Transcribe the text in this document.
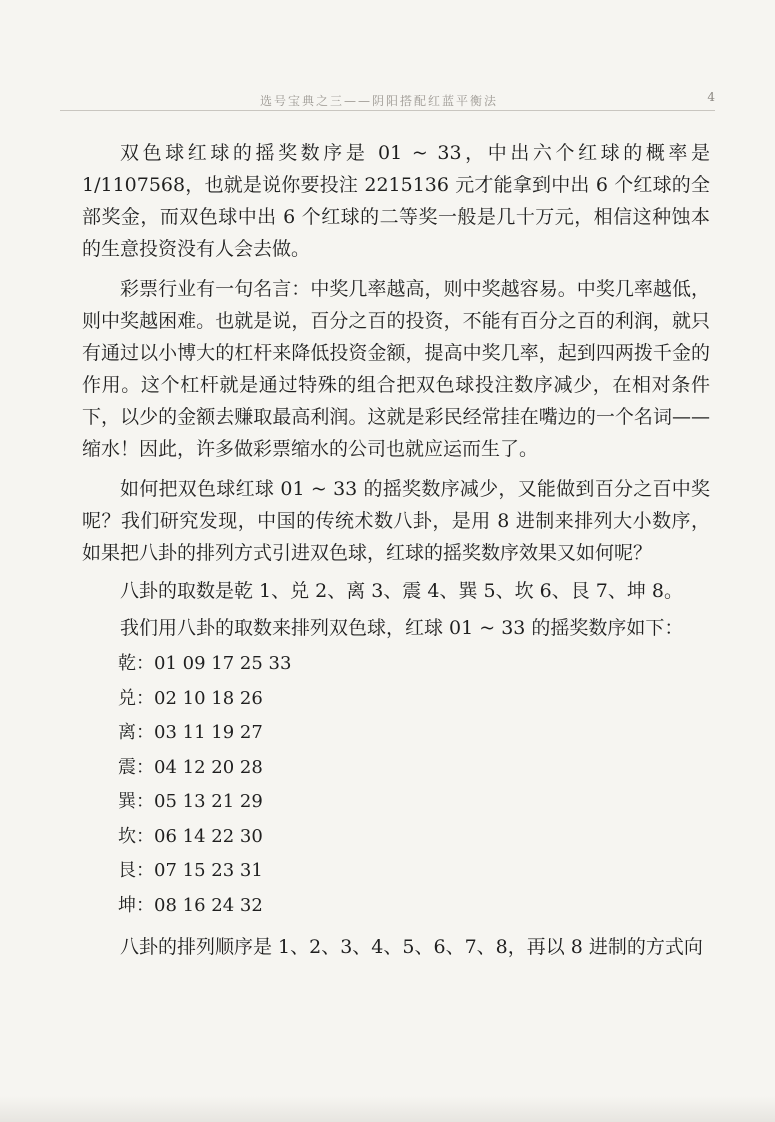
选号宝典之三——阴阳搭配红蓝平衡法	4

双色球红球的摇奖数序是 01 ~ 33，中出六个红球的概率是 1/1107568，也就是说你要投注 2215136 元才能拿到中出 6 个红球的全部奖金，而双色球中出 6 个红球的二等奖一般是几十万元，相信这种蚀本的生意投资没有人会去做。

彩票行业有一句名言：中奖几率越高，则中奖越容易。中奖几率越低，则中奖越困难。也就是说，百分之百的投资，不能有百分之百的利润，就只有通过以小博大的杠杆来降低投资金额，提高中奖几率，起到四两拨千金的作用。这个杠杆就是通过特殊的组合把双色球投注数序减少，在相对条件下，以少的金额去赚取最高利润。这就是彩民经常挂在嘴边的一个名词——缩水！因此，许多做彩票缩水的公司也就应运而生了。

如何把双色球红球 01 ~ 33 的摇奖数序减少，又能做到百分之百中奖呢？我们研究发现，中国的传统术数八卦，是用 8 进制来排列大小数序，如果把八卦的排列方式引进双色球，红球的摇奖数序效果又如何呢？

八卦的取数是乾 1、兑 2、离 3、震 4、巽 5、坎 6、艮 7、坤 8。

我们用八卦的取数来排列双色球，红球 01 ~ 33 的摇奖数序如下：

乾：01 09 17 25 33
兑：02 10 18 26
离：03 11 19 27
震：04 12 20 28
巽：05 13 21 29
坎：06 14 22 30
艮：07 15 23 31
坤：08 16 24 32

八卦的排列顺序是 1、2、3、4、5、6、7、8，再以 8 进制的方式向
